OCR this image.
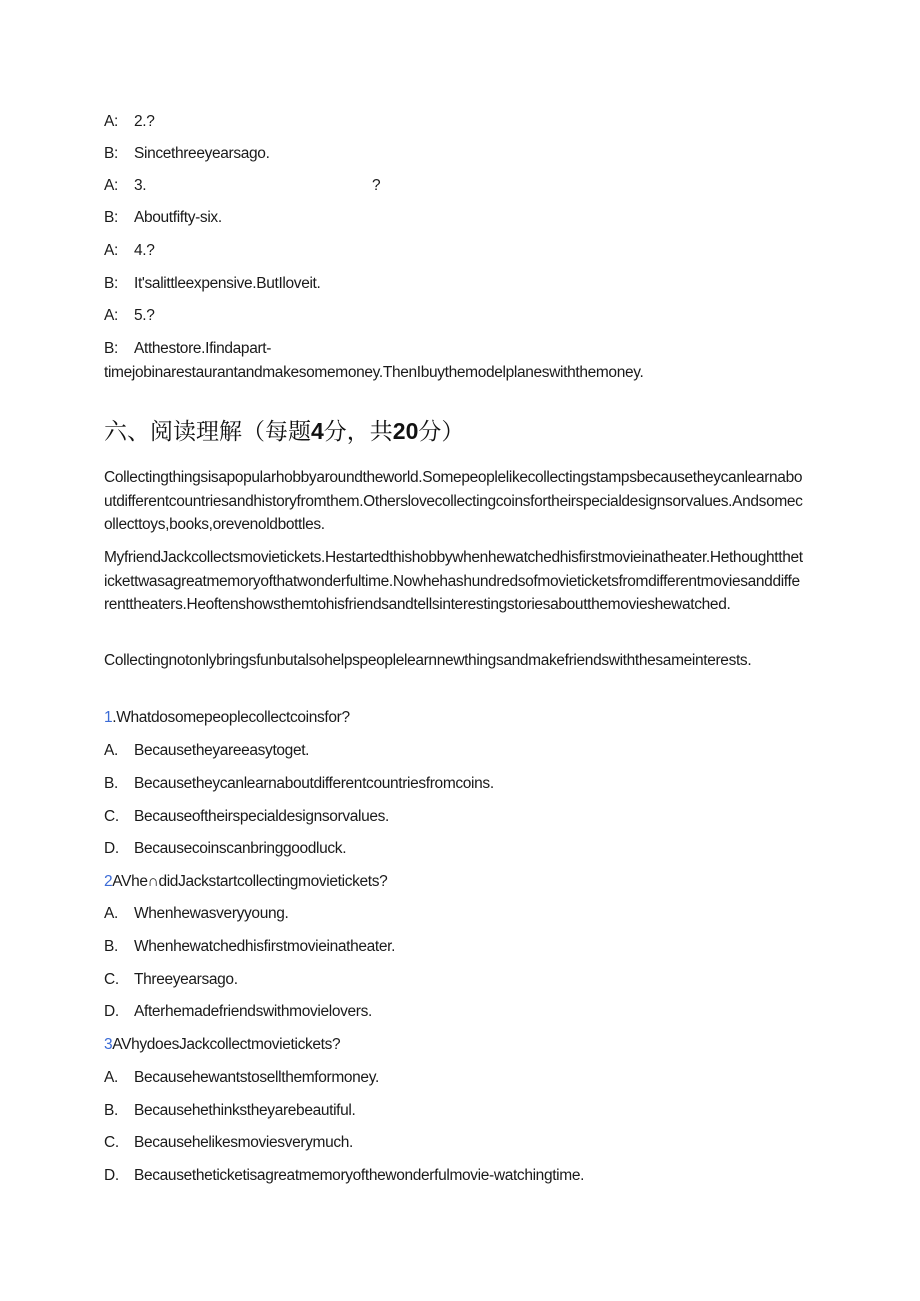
A: 2.?
B: Sincethreeyearsago.
A: 3.	?
B: Aboutfifty-six.
A: 4.?
B: It'salittleexpensive.ButIloveit.
A: 5.?
B: Atthestore.Ifindapart-
timejobinarestaurantandmakesomemoney.ThenIbuythemodelplaneswiththemoney.
六、阅读理解（每题4分，共20分）
Collectingthingsisapopularhobbyaroundtheworld.Somepeoplelikecollectingstampsbecausetheycanlearnaboutdifferentcountriesandhistoryfromthem.Otherslovecollectingcoinsfortheirspecialdesignsorvalues.Andsomecollecttoys,books,orevenoldbottles.
MyfriendJackcollectsmovietickets.Hestartedthishobbywhenhewatchedhisfirstmovieinatheater.Hethoughtthetickettwasagreatmemoryofthatwonderfultime.Nowhehashundredsofmovieticketsfromdifferentmoviesanddifferenttheaters.Heoftenshowsthemtohisfriendsandtellsinterestingstoriesaboutthemovieshewatched.
Collectingnotonlybringsfunbutalsohelpspeoplelearnnewthingsandmakefriendswiththesameinterests.
1.Whatdosomepeoplecollectcoinsfor?
A. Becausetheyareeasytoget.
B. Becausetheycanlearnaboutdifferentcountriesfromcoins.
C. Becauseoftheirspecialdesignsorvalues.
D. Becausecoinscanbringgoodluck.
2AVhe∩didJackstartcollectingmovietickets?
A. Whenhewasveryyoung.
B. Whenhewatchedhisfirstmovieinatheater.
C. Threeyearsago.
D. Afterhemadefriendswithmovielovers.
3AVhydoesJackcollectmovietickets?
A. Becausehewantstosellthemformoney.
B. Becausehethinkstheyarebeautiful.
C. Becausehelikesmoviesverymuch.
D. Becausetheticketisagreatmemoryofthewonderfulmovie-watchingtime.
